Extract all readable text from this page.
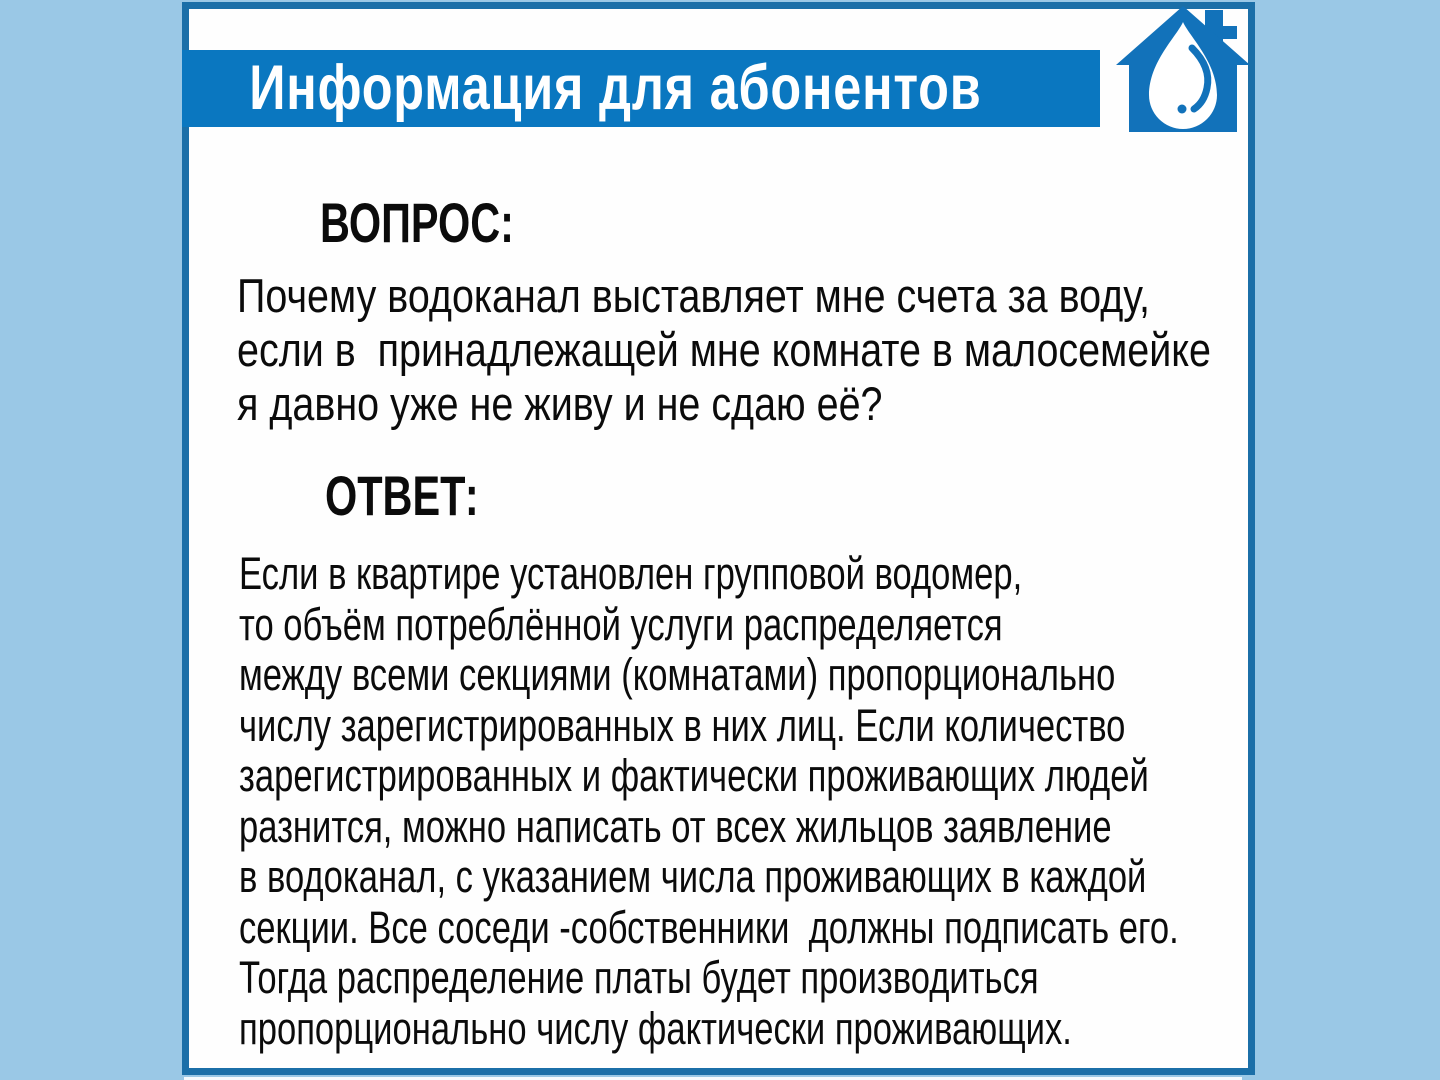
Информация для абонентов
ВОПРОС:
Почему водоканал выставляет мне счета за воду,
если в  принадлежащей мне комнате в малосемейке
я давно уже не живу и не сдаю её?
ОТВЕТ:
Если в квартире установлен групповой водомер,
то объём потреблённой услуги распределяется
между всеми секциями (комнатами) пропорционально
числу зарегистрированных в них лиц. Если количество
зарегистрированных и фактически проживающих людей
разнится, можно написать от всех жильцов заявление
в водоканал, с указанием числа проживающих в каждой
секции. Все соседи -собственники  должны подписать его.
Тогда распределение платы будет производиться
пропорционально числу фактически проживающих.
